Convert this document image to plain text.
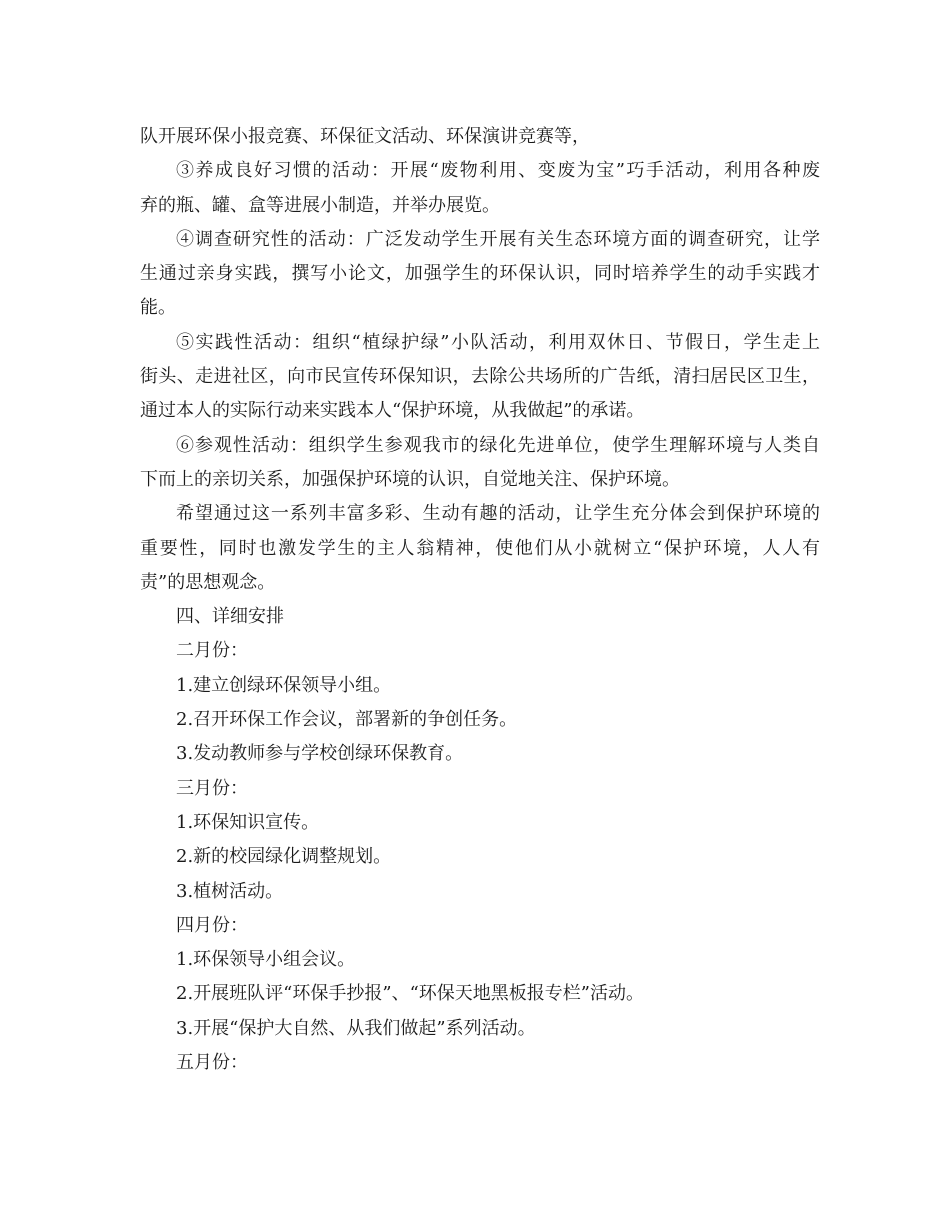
队开展环保小报竞赛、环保征文活动、环保演讲竞赛等，
③养成良好习惯的活动：开展“废物利用、变废为宝”巧手活动，利用各种废
弃的瓶、罐、盒等进展小制造，并举办展览。
④调查研究性的活动：广泛发动学生开展有关生态环境方面的调查研究，让学
生通过亲身实践，撰写小论文，加强学生的环保认识，同时培养学生的动手实践才
能。
⑤实践性活动：组织“植绿护绿”小队活动，利用双休日、节假日，学生走上
街头、走进社区，向市民宣传环保知识，去除公共场所的广告纸，清扫居民区卫生，
通过本人的实际行动来实践本人“保护环境，从我做起”的承诺。
⑥参观性活动：组织学生参观我市的绿化先进单位，使学生理解环境与人类自
下而上的亲切关系，加强保护环境的认识，自觉地关注、保护环境。
希望通过这一系列丰富多彩、生动有趣的活动，让学生充分体会到保护环境的
重要性，同时也激发学生的主人翁精神，使他们从小就树立“保护环境，人人有
责”的思想观念。
四、详细安排
二月份：
1.建立创绿环保领导小组。
2.召开环保工作会议，部署新的争创任务。
3.发动教师参与学校创绿环保教育。
三月份：
1.环保知识宣传。
2.新的校园绿化调整规划。
3.植树活动。
四月份：
1.环保领导小组会议。
2.开展班队评“环保手抄报”、“环保天地黑板报专栏”活动。
3.开展“保护大自然、从我们做起”系列活动。
五月份：
